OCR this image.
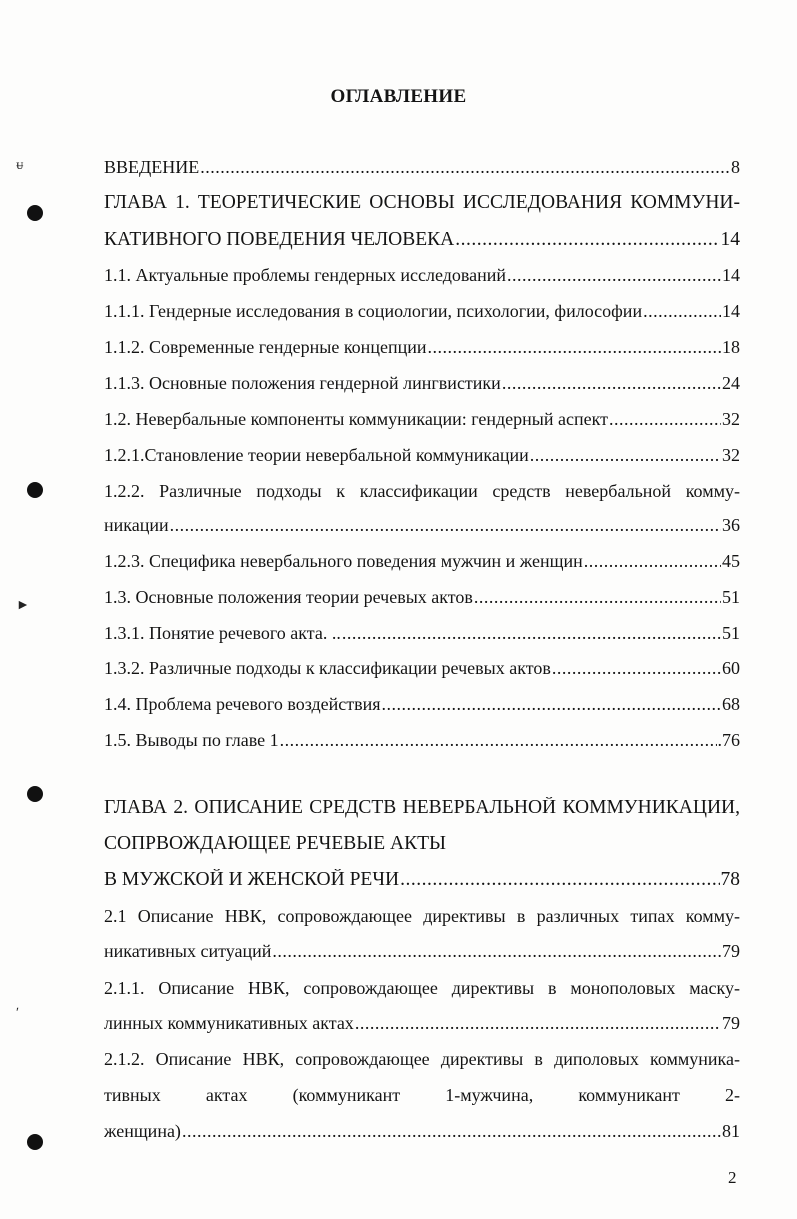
ОГЛАВЛЕНИЕ
ВВЕДЕНИЕ .....	8
ГЛАВА 1. ТЕОРЕТИЧЕСКИЕ ОСНОВЫ ИССЛЕДОВАНИЯ КОММУНИ-
КАТИВНОГО ПОВЕДЕНИЯ ЧЕЛОВЕКА .....	14
1.1. Актуальные проблемы гендерных исследований .....	14
1.1.1. Гендерные исследования в социологии, психологии, философии .....	14
1.1.2. Современные гендерные концепции .....	18
1.1.3. Основные положения гендерной лингвистики .....	24
1.2. Невербальные компоненты коммуникации: гендерный аспект .....	32
1.2.1.Становление теории невербальной коммуникации .....	32
1.2.2. Различные подходы к классификации средств невербальной комму-
никации .....	36
1.2.3. Специфика невербального поведения мужчин и женщин .....	45
1.3. Основные положения теории речевых актов .....	51
1.3.1. Понятие речевого акта. .. .....	51
1.3.2. Различные подходы к классификации речевых актов .....	60
1.4. Проблема речевого воздействия .....	68
1.5. Выводы по главе 1 .....	.76
ГЛАВА 2. ОПИСАНИЕ СРЕДСТВ НЕВЕРБАЛЬНОЙ КОММУНИКАЦИИ,
СОПРВОЖДАЮЩЕЕ РЕЧЕВЫЕ АКТЫ
В МУЖСКОЙ И ЖЕНСКОЙ РЕЧИ .....	78
2.1 Описание НВК, сопровождающее директивы в различных типах комму-
никативных ситуаций .....	79
2.1.1. Описание НВК, сопровождающее директивы в монополовых маску-
линных коммуникативных актах .....	79
2.1.2. Описание НВК, сопровождающее директивы в диполовых коммуника-
тивных актах (коммуникант 1-мужчина, коммуникант 2-
женщина) .....	81
2
ᵾ
►
ʹ
